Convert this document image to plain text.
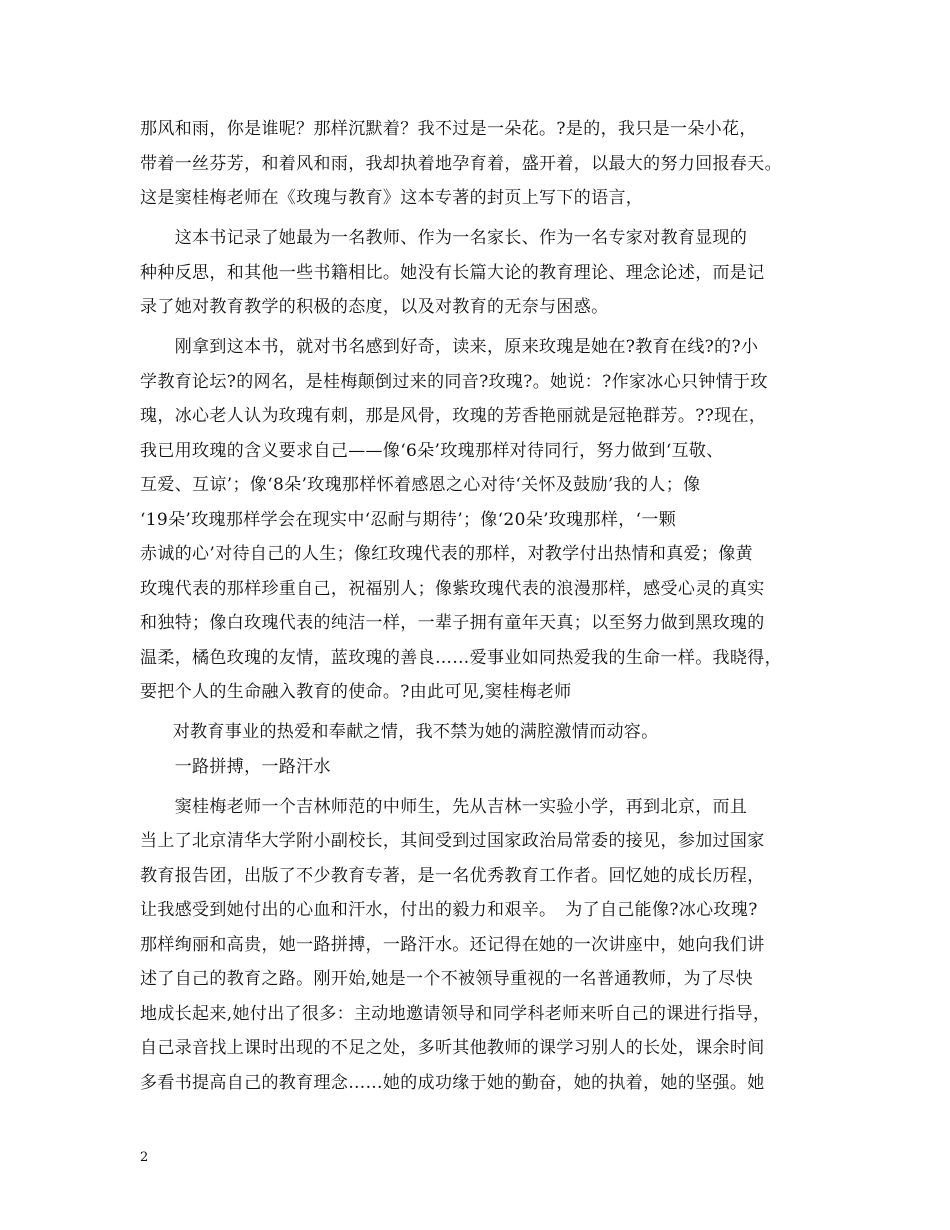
那风和雨，你是谁呢？那样沉默着？我不过是一朵花。?是的，我只是一朵小花，
带着一丝芬芳，和着风和雨，我却执着地孕育着，盛开着，以最大的努力回报春天。
这是窦桂梅老师在《玫瑰与教育》这本专著的封页上写下的语言，
　　这本书记录了她最为一名教师、作为一名家长、作为一名专家对教育显现的
种种反思，和其他一些书籍相比。她没有长篇大论的教育理论、理念论述，而是记
录了她对教育教学的积极的态度，以及对教育的无奈与困惑。
　　刚拿到这本书，就对书名感到好奇，读来，原来玫瑰是她在?教育在线?的?小
学教育论坛?的网名，是桂梅颠倒过来的同音?玫瑰?。她说：?作家冰心只钟情于玫
瑰，冰心老人认为玫瑰有刺，那是风骨，玫瑰的芳香艳丽就是冠艳群芳。??现在，
我已用玫瑰的含义要求自己——像‘6朵’玫瑰那样对待同行，努力做到‘互敬、
互爱、互谅’；像‘8朵’玫瑰那样怀着感恩之心对待‘关怀及鼓励’我的人；像
‘19朵’玫瑰那样学会在现实中‘忍耐与期待’；像‘20朵’玫瑰那样，‘一颗
赤诚的心’对待自己的人生；像红玫瑰代表的那样，对教学付出热情和真爱；像黄
玫瑰代表的那样珍重自己，祝福别人；像紫玫瑰代表的浪漫那样，感受心灵的真实
和独特；像白玫瑰代表的纯洁一样，一辈子拥有童年天真；以至努力做到黑玫瑰的
温柔，橘色玫瑰的友情，蓝玫瑰的善良……爱事业如同热爱我的生命一样。我晓得，
要把个人的生命融入教育的使命。?由此可见,窦桂梅老师
　　对教育事业的热爱和奉献之情，我不禁为她的满腔激情而动容。
　　一路拼搏，一路汗水
　　窦桂梅老师一个吉林师范的中师生，先从吉林一实验小学，再到北京，而且
当上了北京清华大学附小副校长，其间受到过国家政治局常委的接见，参加过国家
教育报告团，出版了不少教育专著，是一名优秀教育工作者。回忆她的成长历程，
让我感受到她付出的心血和汗水，付出的毅力和艰辛。　为了自己能像?冰心玫瑰?
那样绚丽和高贵，她一路拼搏，一路汗水。还记得在她的一次讲座中，她向我们讲
述了自己的教育之路。刚开始,她是一个不被领导重视的一名普通教师，为了尽快
地成长起来,她付出了很多：主动地邀请领导和同学科老师来听自己的课进行指导，
自己录音找上课时出现的不足之处，多听其他教师的课学习别人的长处，课余时间
多看书提高自己的教育理念……她的成功缘于她的勤奋，她的执着，她的坚强。她
2
